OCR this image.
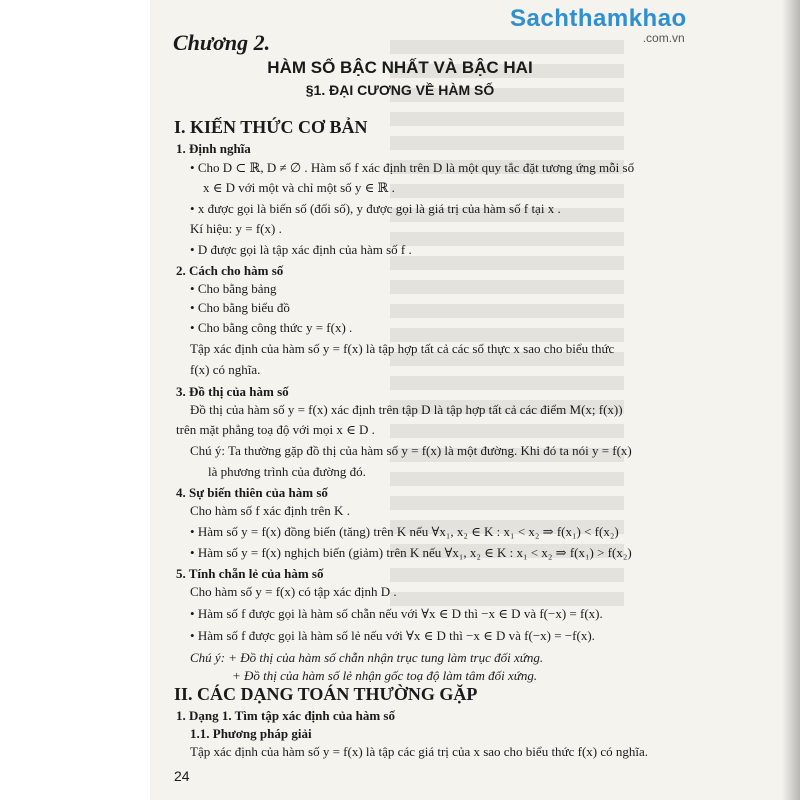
Sachthamkhao
.com.vn
Chương 2.
HÀM SỐ BẬC NHẤT VÀ BẬC HAI
§1. ĐẠI CƯƠNG VỀ HÀM SỐ
I. KIẾN THỨC CƠ BẢN
1. Định nghĩa
• Cho D ⊂ ℝ, D ≠ ∅ . Hàm số f xác định trên D là một quy tắc đặt tương ứng mỗi số
x ∈ D với một và chỉ một số y ∈ ℝ .
• x được gọi là biến số (đối số), y được gọi là giá trị của hàm số f tại x .
Kí hiệu: y = f(x) .
• D được gọi là tập xác định của hàm số f .
2. Cách cho hàm số
• Cho bằng bảng
• Cho bằng biểu đồ
• Cho bằng công thức y = f(x) .
Tập xác định của hàm số y = f(x) là tập hợp tất cả các số thực x sao cho biểu thức
f(x) có nghĩa.
3. Đồ thị của hàm số
Đồ thị của hàm số y = f(x) xác định trên tập D là tập hợp tất cả các điểm M(x; f(x))
trên mặt phẳng toạ độ với mọi x ∈ D .
Chú ý: Ta thường gặp đồ thị của hàm số y = f(x) là một đường. Khi đó ta nói y = f(x)
là phương trình của đường đó.
4. Sự biến thiên của hàm số
Cho hàm số f xác định trên K .
• Hàm số y = f(x) đồng biến (tăng) trên K nếu ∀x₁, x₂ ∈ K : x₁ < x₂ ⇒ f(x₁) < f(x₂)
• Hàm số y = f(x) nghịch biến (giảm) trên K nếu ∀x₁, x₂ ∈ K : x₁ < x₂ ⇒ f(x₁) > f(x₂)
5. Tính chẵn lẻ của hàm số
Cho hàm số y = f(x) có tập xác định D .
• Hàm số f được gọi là hàm số chẵn nếu với ∀x ∈ D thì −x ∈ D và f(−x) = f(x).
• Hàm số f được gọi là hàm số lẻ nếu với ∀x ∈ D thì −x ∈ D và f(−x) = −f(x).
Chú ý: + Đồ thị của hàm số chẵn nhận trục tung làm trục đối xứng.
+ Đồ thị của hàm số lẻ nhận gốc toạ độ làm tâm đối xứng.
II. CÁC DẠNG TOÁN THƯỜNG GẶP
1. Dạng 1. Tìm tập xác định của hàm số
1.1. Phương pháp giải
Tập xác định của hàm số y = f(x) là tập các giá trị của x sao cho biểu thức f(x) có nghĩa.
24
